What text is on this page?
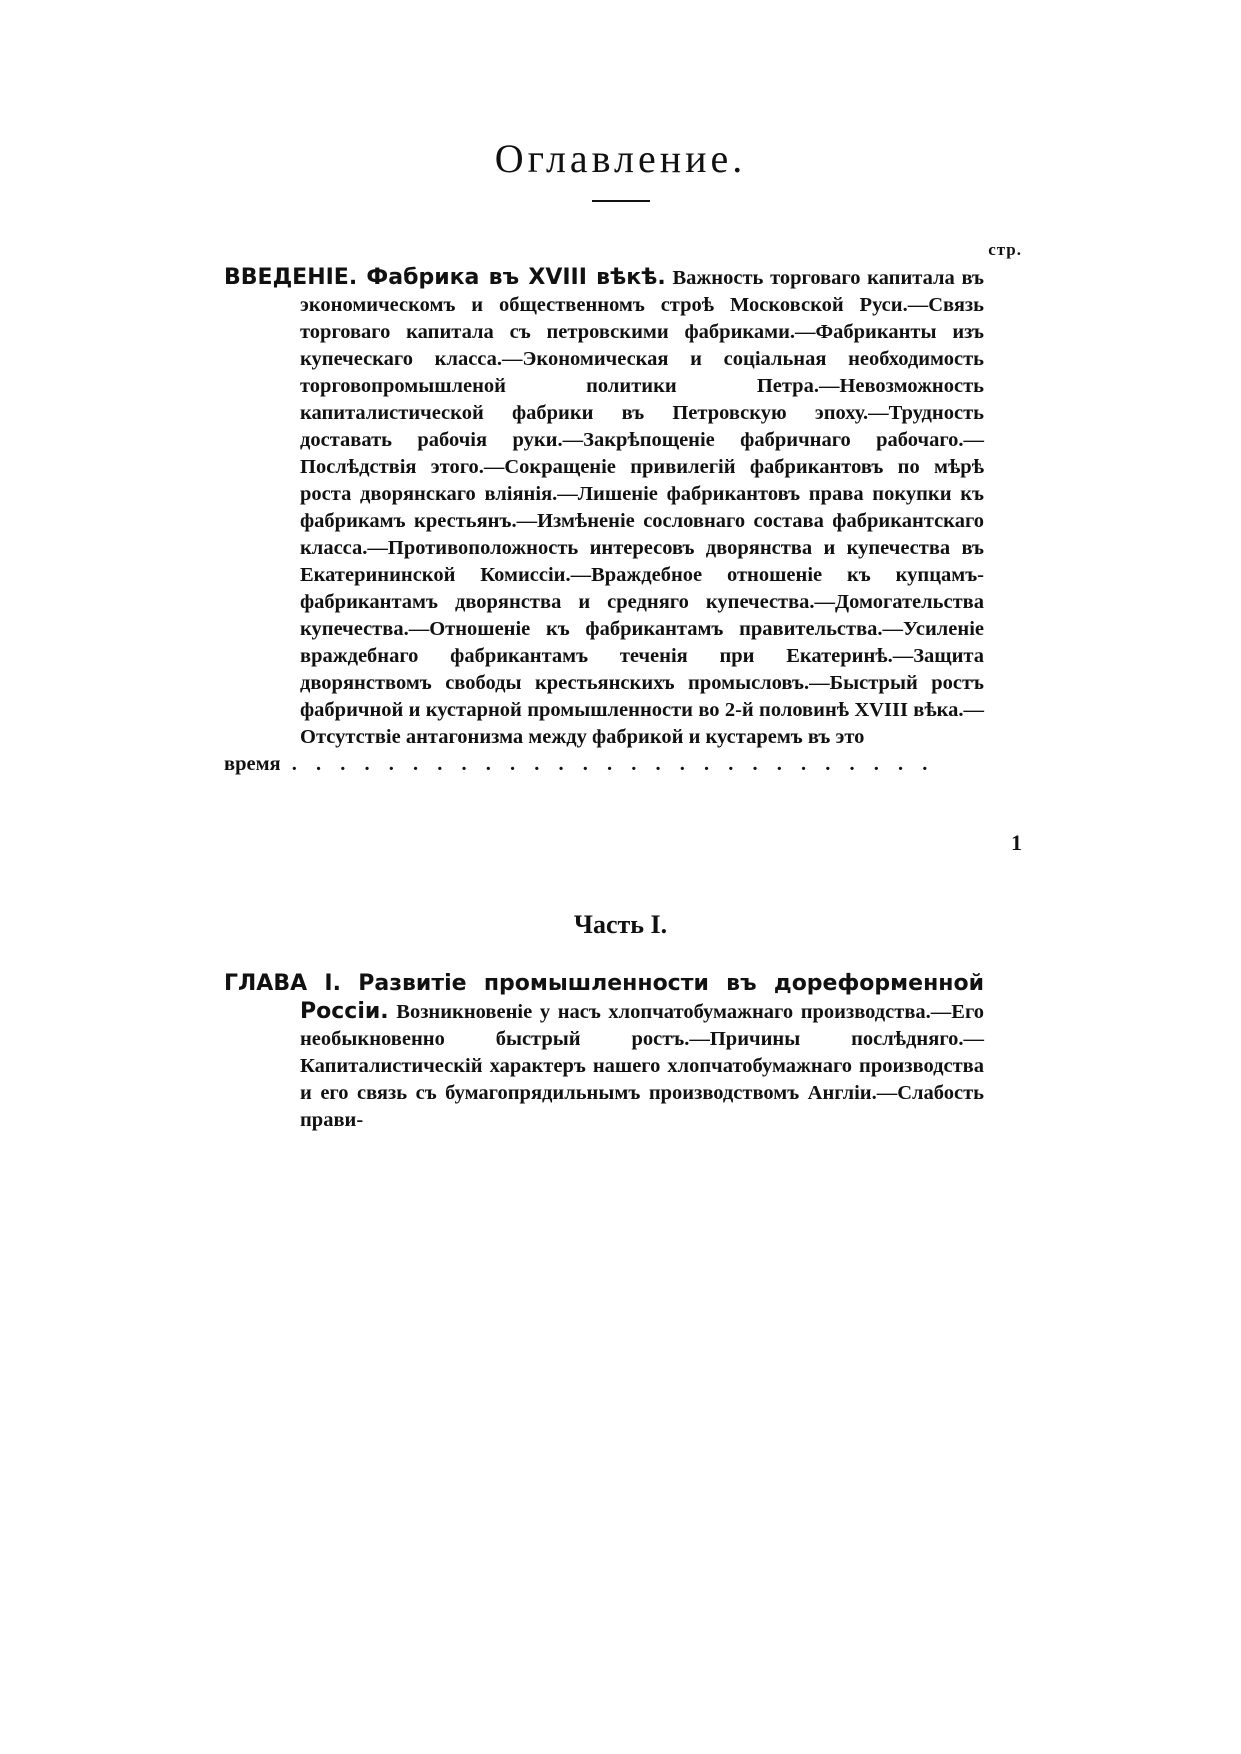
Оглавление.
стр.
ВВЕДЕНІЕ. Фабрика въ XVIII вѣкѣ. Важность торговаго капитала въ экономическомъ и общественномъ строѣ Московской Руси.—Связь торговаго капитала съ петровскими фабриками.—Фабриканты изъ купеческаго класса.—Экономическая и соціальная необходимость торговопромышленой политики Петра.—Невозможность капиталистической фабрики въ Петровскую эпоху.—Трудность доставать рабочія руки.—Закрѣпощеніе фабричнаго рабочаго.—Послѣдствія этого.—Сокращеніе привилегій фабрикантовъ по мѣрѣ роста дворянскаго вліянія.—Лишеніе фабрикантовъ права покупки къ фабрикамъ крестьянъ.—Измѣненіе сословнаго состава фабрикантскаго класса.—Противоположность интересовъ дворянства и купечества въ Екатерининской Комиссіи.—Враждебное отношеніе къ купцамъ-фабрикантамъ дворянства и средняго купечества.—Домогательства купечества.—Отношеніе къ фабрикантамъ правительства.—Усиленіе враждебнаго фабрикантамъ теченія при Екатеринѣ.—Защита дворянствомъ свободы крестьянскихъ промысловъ.—Быстрый ростъ фабричной и кустарной промышленности во 2-й половинѣ XVIII вѣка.—Отсутствіе антагонизма между фабрикой и кустаремъ въ это
время . . . . . . . . . . . . . . . . . . . . . . . . . . .
1
Часть I.
ГЛАВА I. Развитіе промышленности въ дореформенной Россіи. Возникновеніе у насъ хлопчатобумажнаго производства.—Его необыкновенно быстрый ростъ.—Причины послѣдняго.—Капиталистическій характеръ нашего хлопчатобумажнаго производства и его связь съ бумагопрядильнымъ производствомъ Англіи.—Слабость прави-
